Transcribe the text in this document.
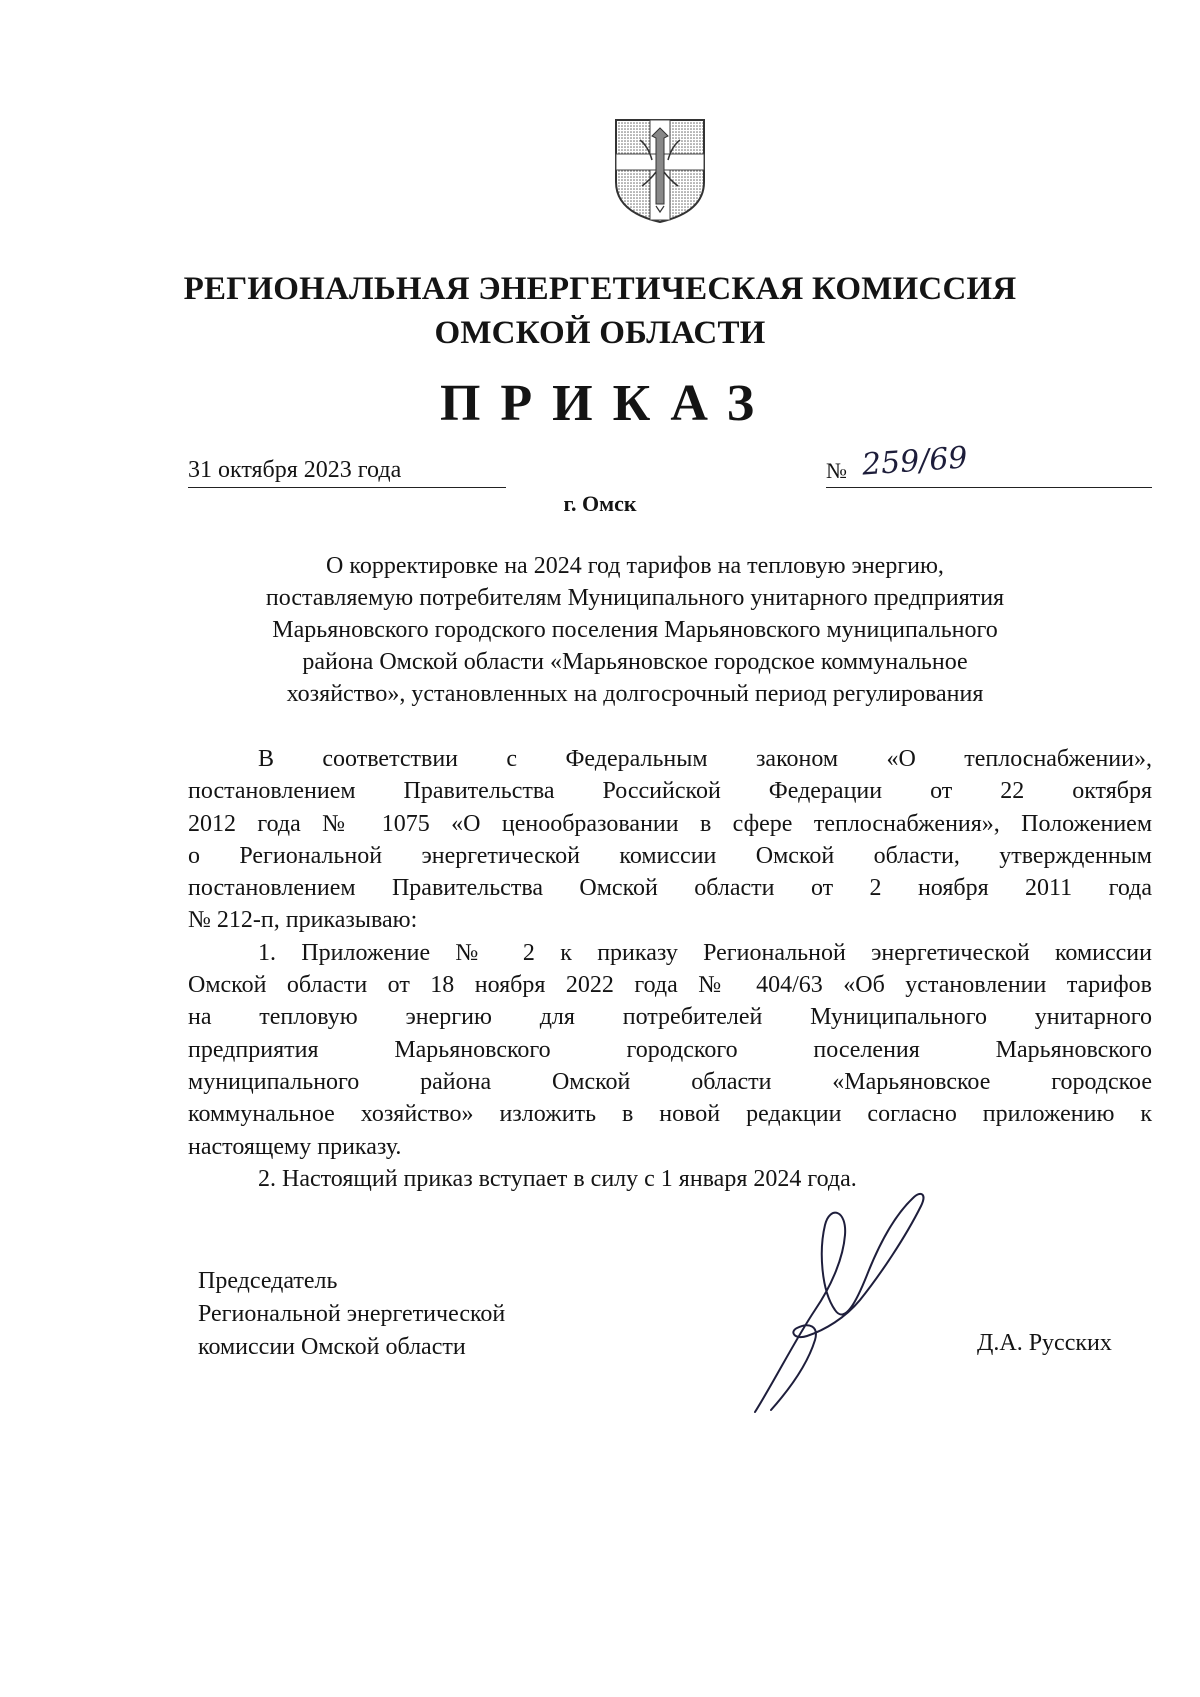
РЕГИОНАЛЬНАЯ ЭНЕРГЕТИЧЕСКАЯ КОМИССИЯ
ОМСКОЙ ОБЛАСТИ
ПРИКАЗ
31 октября 2023 года	№ 259/69
г. Омск
О корректировке на 2024 год тарифов на тепловую энергию,
поставляемую потребителям Муниципального унитарного предприятия
Марьяновского городского поселения Марьяновского муниципального
района Омской области «Марьяновское городское коммунальное
хозяйство», установленных на долгосрочный период регулирования
В соответствии с Федеральным законом «О теплоснабжении»,
постановлением Правительства Российской Федерации от 22 октября
2012 года № 1075 «О ценообразовании в сфере теплоснабжения», Положением
о Региональной энергетической комиссии Омской области, утвержденным
постановлением Правительства Омской области от 2 ноября 2011 года
№ 212-п, приказываю:
1. Приложение № 2 к приказу Региональной энергетической комиссии
Омской области от 18 ноября 2022 года № 404/63 «Об установлении тарифов
на тепловую энергию для потребителей Муниципального унитарного
предприятия Марьяновского городского поселения Марьяновского
муниципального района Омской области «Марьяновское городское
коммунальное хозяйство» изложить в новой редакции согласно приложению к
настоящему приказу.
2. Настоящий приказ вступает в силу с 1 января 2024 года.
Председатель
Региональной энергетической
комиссии Омской области	Д.А. Русских
